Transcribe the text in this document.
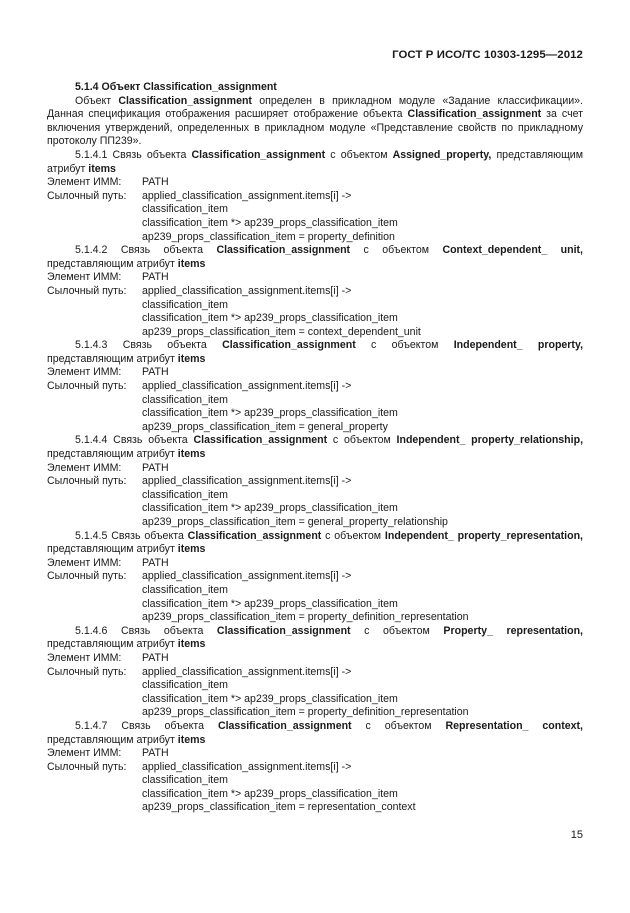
ГОСТ Р ИСО/ТС 10303-1295—2012

5.1.4 Объект Classification_assignment

Объект Classification_assignment определен в прикладном модуле «Задание классификации». Данная спецификация отображения расширяет отображение объекта Classification_assignment за счет включения утверждений, определенных в прикладном модуле «Представление свойств по прикладному протоколу ПП239».

5.1.4.1 Связь объекта Classification_assignment с объектом Assigned_property, представляющим атрибут items

Элемент ИММ:	PATH
Сылочный путь:	applied_classification_assignment.items[i] ->
classification_item
classification_item *> ap239_props_classification_item
ap239_props_classification_item = property_definition

5.1.4.2 Связь объекта Classification_assignment с объектом Context_dependent_ unit, представляющим атрибут items

Элемент ИММ:	PATH
Сылочный путь:	applied_classification_assignment.items[i] ->
classification_item
classification_item *> ap239_props_classification_item
ap239_props_classification_item = context_dependent_unit

5.1.4.3 Связь объекта Classification_assignment с объектом Independent_ property, представляющим атрибут items

Элемент ИММ:	PATH
Сылочный путь:	applied_classification_assignment.items[i] ->
classification_item
classification_item *> ap239_props_classification_item
ap239_props_classification_item = general_property

5.1.4.4 Связь объекта Classification_assignment с объектом Independent_ property_relationship, представляющим атрибут items

Элемент ИММ:	PATH
Сылочный путь:	applied_classification_assignment.items[i] ->
classification_item
classification_item *> ap239_props_classification_item
ap239_props_classification_item = general_property_relationship

5.1.4.5 Связь объекта Classification_assignment с объектом Independent_ property_representation, представляющим атрибут items

Элемент ИММ:	PATH
Сылочный путь:	applied_classification_assignment.items[i] ->
classification_item
classification_item *> ap239_props_classification_item
ap239_props_classification_item = property_definition_representation

5.1.4.6 Связь объекта Classification_assignment с объектом Property_ representation, представляющим атрибут items

Элемент ИММ:	PATH
Сылочный путь:	applied_classification_assignment.items[i] ->
classification_item
classification_item *> ap239_props_classification_item
ap239_props_classification_item = property_definition_representation

5.1.4.7 Связь объекта Classification_assignment с объектом Representation_ context, представляющим атрибут items

Элемент ИММ:	PATH
Сылочный путь:	applied_classification_assignment.items[i] ->
classification_item
classification_item *> ap239_props_classification_item
ap239_props_classification_item = representation_context
15
